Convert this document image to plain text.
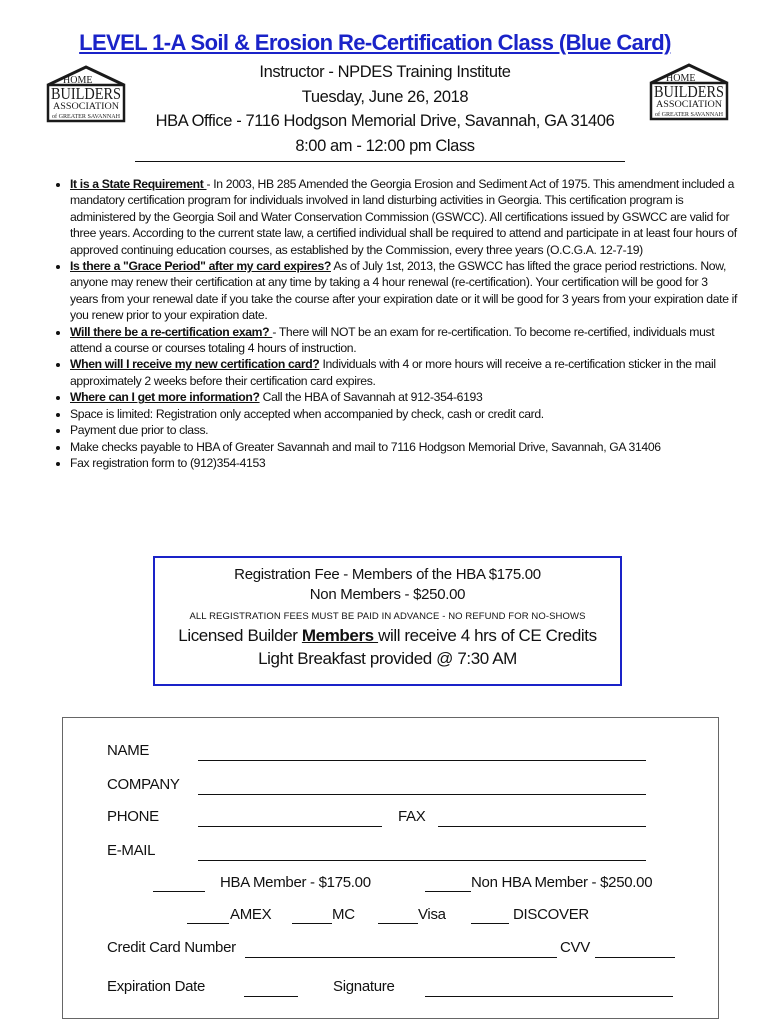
LEVEL 1-A Soil & Erosion Re-Certification Class (Blue Card)
HOME
BUILDERS
ASSOCIATION
of GREATER SAVANNAH
HOME
BUILDERS
ASSOCIATION
of GREATER SAVANNAH
Instructor - NPDES Training Institute
Tuesday, June 26, 2018
HBA Office - 7116 Hodgson Memorial Drive, Savannah, GA 31406
8:00 am - 12:00 pm Class
• It is a State Requirement - In 2003, HB 285 Amended the Georgia Erosion and Sediment Act of 1975. This amendment included a mandatory certification program for individuals involved in land disturbing activities in Georgia. This certification program is administered by the Georgia Soil and Water Conservation Commission (GSWCC). All certifications issued by GSWCC are valid for three years. According to the current state law, a certified individual shall be required to attend and participate in at least four hours of approved continuing education courses, as established by the Commission, every three years (O.C.G.A. 12-7-19)
• Is there a "Grace Period" after my card expires? As of July 1st, 2013, the GSWCC has lifted the grace period restrictions. Now, anyone may renew their certification at any time by taking a 4 hour renewal (re-certification). Your certification will be good for 3 years from your renewal date if you take the course after your expiration date or it will be good for 3 years from your expiration date if you renew prior to your expiration date.
• Will there be a re-certification exam? - There will NOT be an exam for re-certification. To become re-certified, individuals must attend a course or courses totaling 4 hours of instruction.
• When will I receive my new certification card? Individuals with 4 or more hours will receive a re-certification sticker in the mail approximately 2 weeks before their certification card expires.
• Where can I get more information? Call the HBA of Savannah at 912-354-6193
• Space is limited: Registration only accepted when accompanied by check, cash or credit card.
• Payment due prior to class.
• Make checks payable to HBA of Greater Savannah and mail to 7116 Hodgson Memorial Drive, Savannah, GA 31406
• Fax registration form to (912)354-4153
Registration Fee - Members of the HBA $175.00
Non Members - $250.00
ALL REGISTRATION FEES MUST BE PAID IN ADVANCE - NO REFUND FOR NO-SHOWS
Licensed Builder Members will receive 4 hrs of CE Credits
Light Breakfast provided @ 7:30 AM
NAME
COMPANY
PHONE	FAX
E-MAIL
HBA Member - $175.00	Non HBA Member - $250.00
AMEX	MC	Visa	DISCOVER
Credit Card Number	CVV
Expiration Date	Signature
